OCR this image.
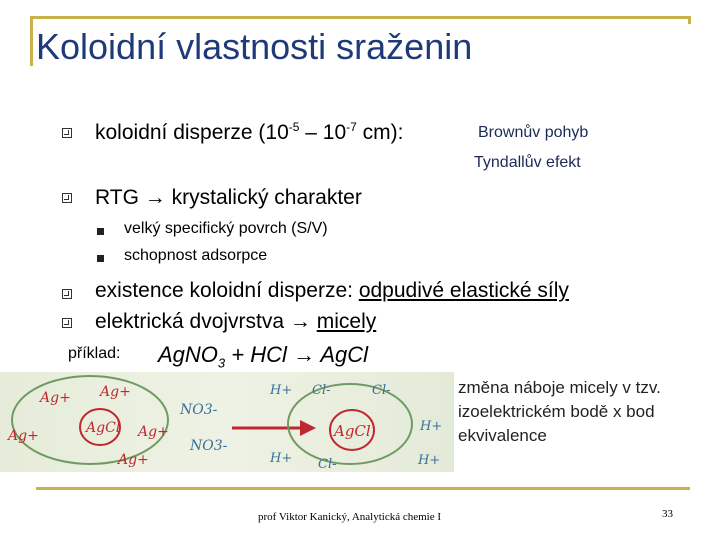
Koloidní vlastnosti sraženin
koloidní disperze ($10^{-5} - 10^{-7}$ cm):	Brownův pohyb
Tyndallův efekt
RTG → krystalický charakter
velký specifický povrch (S/V)
schopnost adsorpce
existence koloidní disperze: odpudivé elastické síly
elektrická dvojvrstva → micely
příklad: AgNO$_3$ + HCl → AgCl
Ag+ Ag+
Ag+	Ag+
Ag+
AgCl
NO3-
NO3-
H+ Cl-	Cl-
H+
H+	H+
Cl-
AgCl
změna náboje micely v tzv.
izoelektrickém bodě x bod
ekvivalence
prof Viktor Kanický, Analytická chemie I	33
